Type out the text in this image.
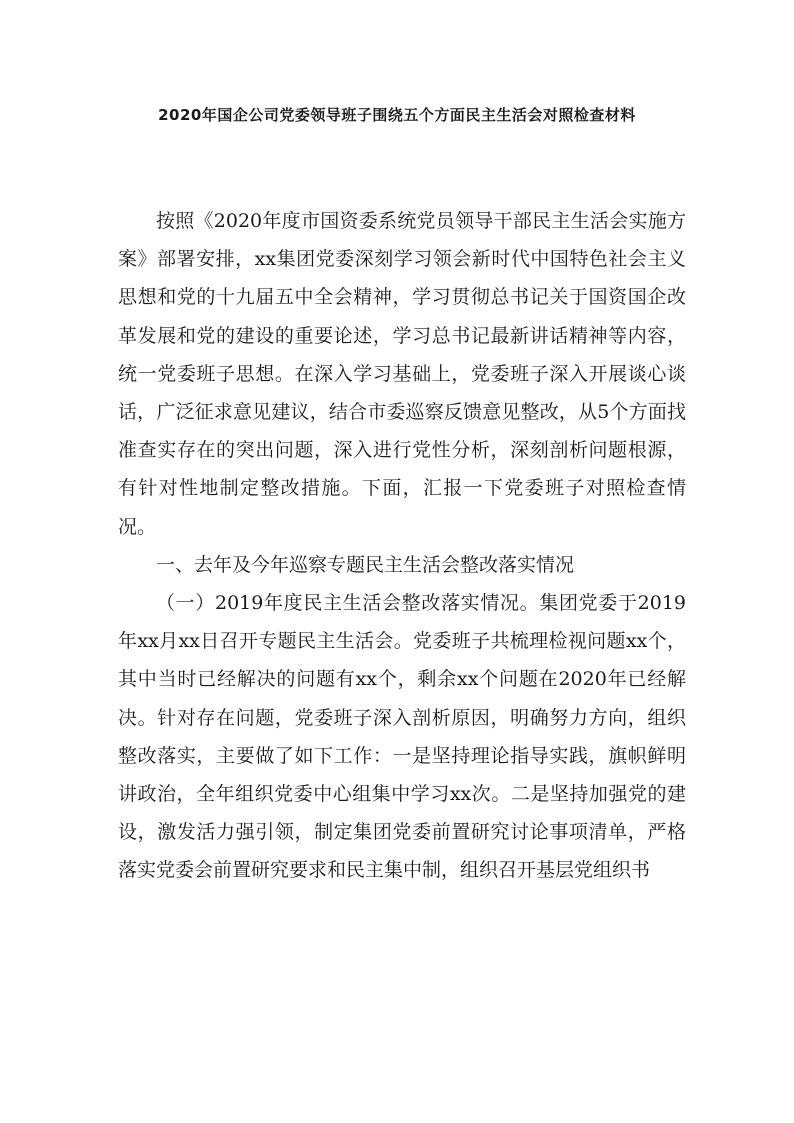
2020年国企公司党委领导班子围绕五个方面民主生活会对照检查材料

按照《2020年度市国资委系统党员领导干部民主生活会实施方案》部署安排，xx集团党委深刻学习领会新时代中国特色社会主义思想和党的十九届五中全会精神，学习贯彻总书记关于国资国企改革发展和党的建设的重要论述，学习总书记最新讲话精神等内容，统一党委班子思想。在深入学习基础上，党委班子深入开展谈心谈话，广泛征求意见建议，结合市委巡察反馈意见整改，从5个方面找准查实存在的突出问题，深入进行党性分析，深刻剖析问题根源，有针对性地制定整改措施。下面，汇报一下党委班子对照检查情况。

一、去年及今年巡察专题民主生活会整改落实情况

（一）2019年度民主生活会整改落实情况。集团党委于2019年xx月xx日召开专题民主生活会。党委班子共梳理检视问题xx个，其中当时已经解决的问题有xx个，剩余xx个问题在2020年已经解决。针对存在问题，党委班子深入剖析原因，明确努力方向，组织整改落实，主要做了如下工作：一是坚持理论指导实践，旗帜鲜明讲政治，全年组织党委中心组集中学习xx次。二是坚持加强党的建设，激发活力强引领，制定集团党委前置研究讨论事项清单，严格落实党委会前置研究要求和民主集中制，组织召开基层党组织书
